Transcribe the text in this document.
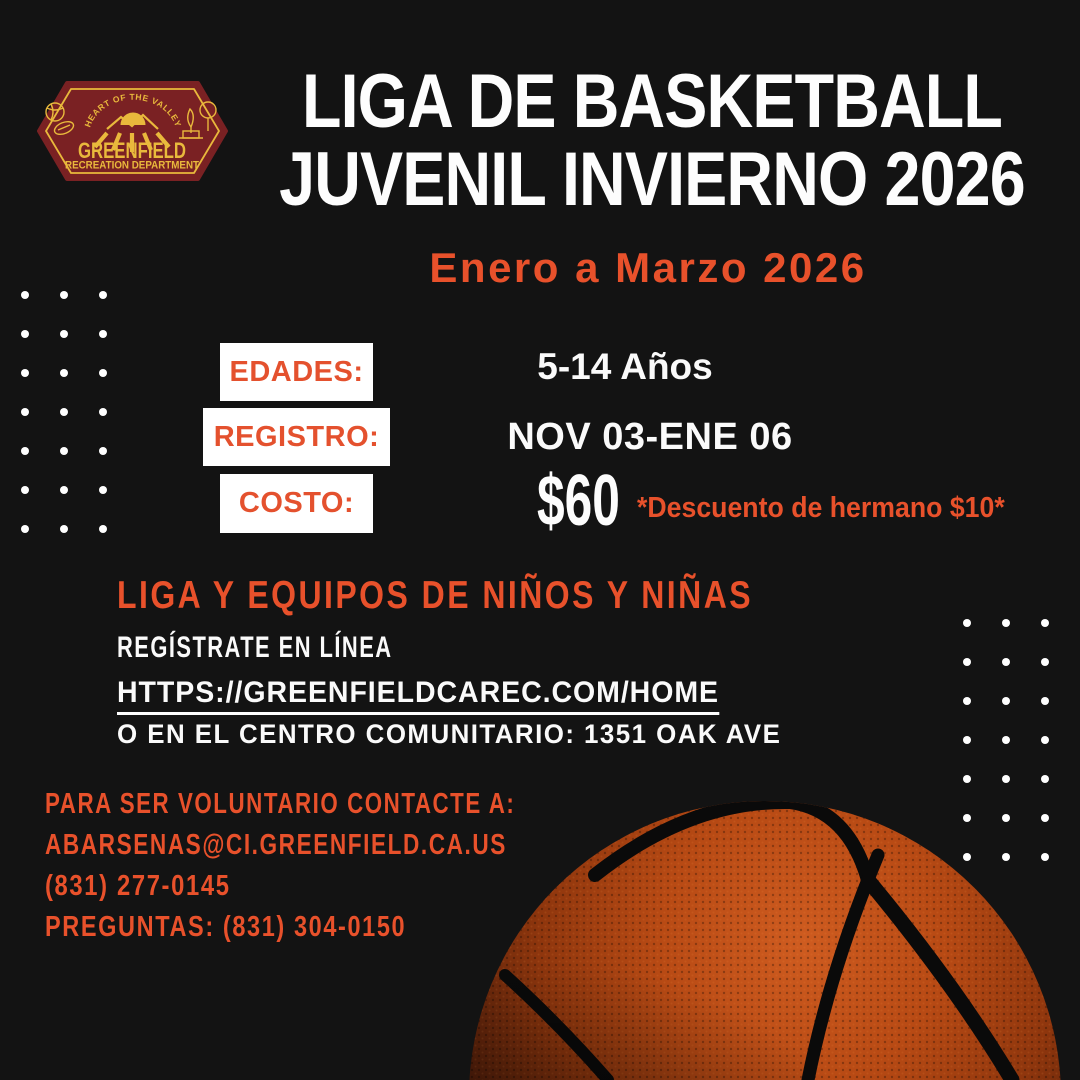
HEART OF THE VALLEY
GREENFIELD
RECREATION DEPARTMENT
LIGA DE BASKETBALL
JUVENIL INVIERNO 2026
Enero a Marzo 2026
EDADES:	5-14 Años
REGISTRO:	NOV 03-ENE 06
COSTO:	$60 *Descuento de hermano $10*
LIGA Y EQUIPOS DE NIÑOS Y NIÑAS
REGÍSTRATE EN LÍNEA
HTTPS://GREENFIELDCAREC.COM/HOME
O EN EL CENTRO COMUNITARIO: 1351 OAK AVE
PARA SER VOLUNTARIO CONTACTE A:
ABARSENAS@CI.GREENFIELD.CA.US
(831) 277-0145
PREGUNTAS: (831) 304-0150
